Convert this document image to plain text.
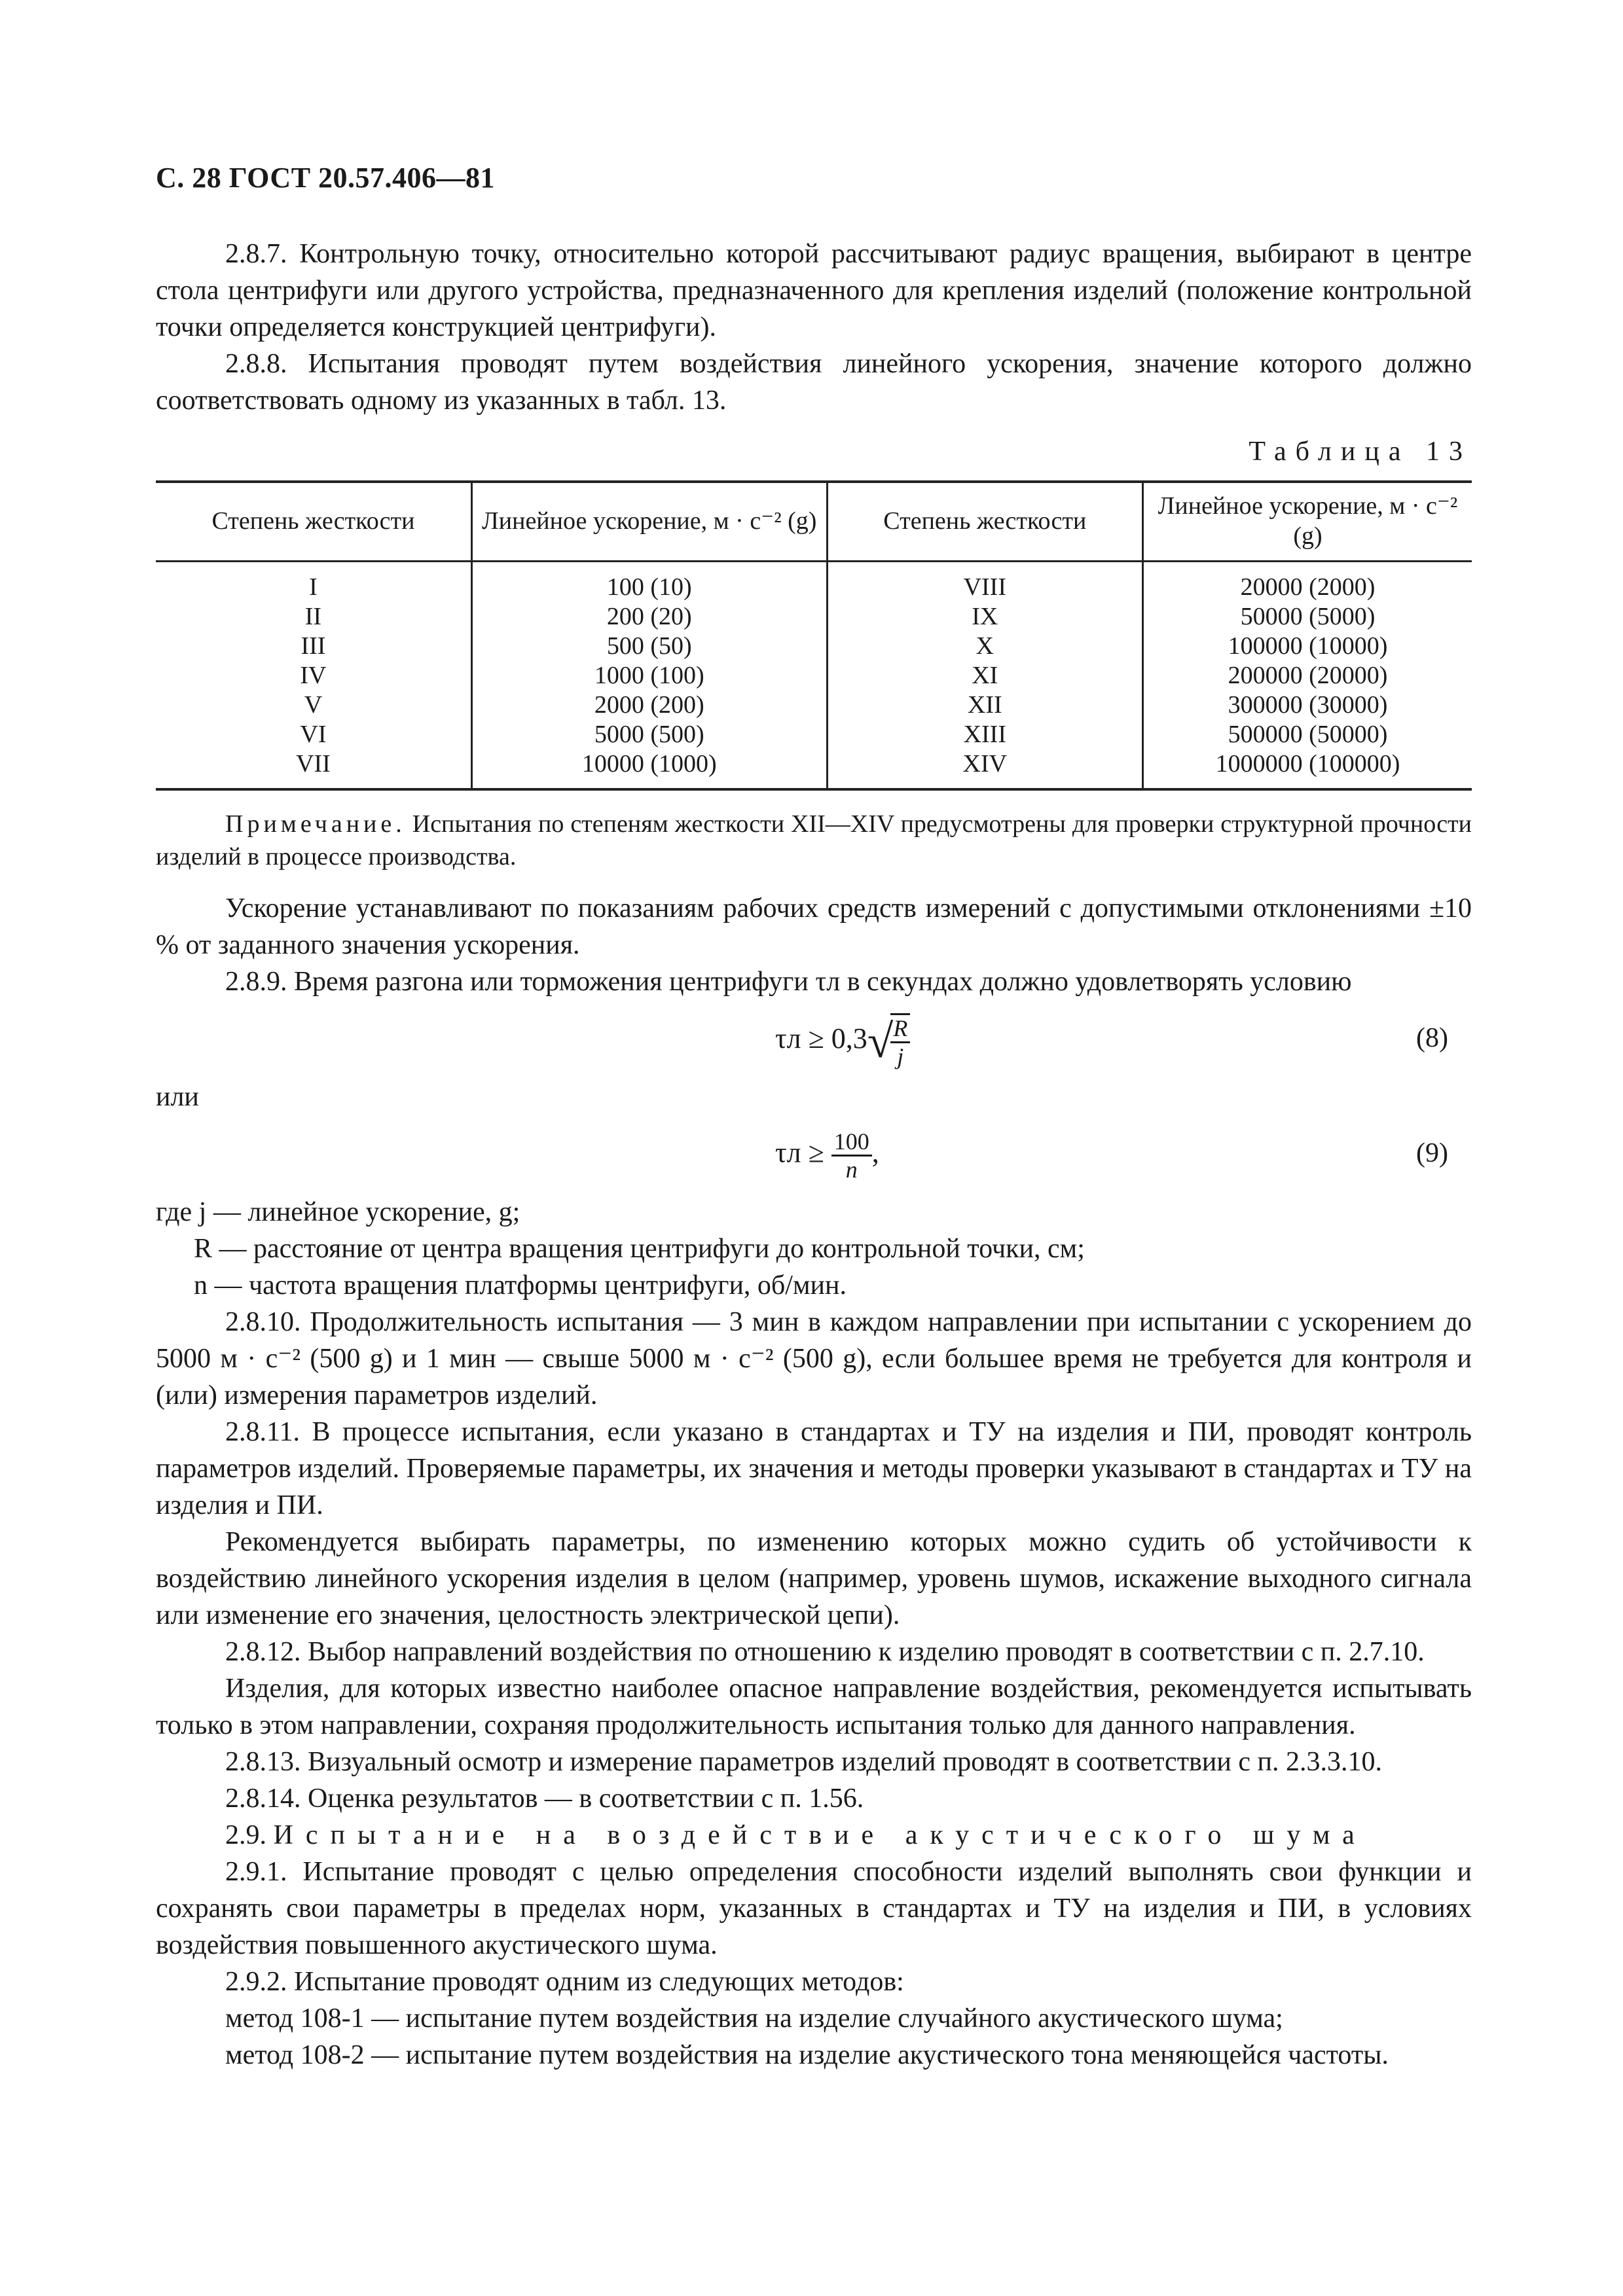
С. 28 ГОСТ 20.57.406—81

2.8.7. Контрольную точку, относительно которой рассчитывают радиус вращения, выбирают в центре стола центрифуги или другого устройства, предназначенного для крепления изделий (положение контрольной точки определяется конструкцией центрифуги).

2.8.8. Испытания проводят путем воздействия линейного ускорения, значение которого должно соответствовать одному из указанных в табл. 13.

Таблица 13
Степень жесткости	Линейное ускорение, м · с⁻² (g)	Степень жесткости	Линейное ускорение, м · с⁻² (g)
I	100 (10)	VIII	20000 (2000)
II	200 (20)	IX	50000 (5000)
III	500 (50)	X	100000 (10000)
IV	1000 (100)	XI	200000 (20000)
V	2000 (200)	XII	300000 (30000)
VI	5000 (500)	XIII	500000 (50000)
VII	10000 (1000)	XIV	1000000 (100000)

Примечание. Испытания по степеням жесткости XII—XIV предусмотрены для проверки структурной прочности изделий в процессе производства.

Ускорение устанавливают по показаниям рабочих средств измерений с допустимыми отклонениями ±10 % от заданного значения ускорения.

2.8.9. Время разгона или торможения центрифуги τл в секундах должно удовлетворять условию

τл ≥ 0,3√
$\frac{R}{j}$	(8)

или

$\tau л \ge \frac{100}{n}$ ,	(9)

где j — линейное ускорение, g;

R — расстояние от центра вращения центрифуги до контрольной точки, см;

n — частота вращения платформы центрифуги, об/мин.

2.8.10. Продолжительность испытания — 3 мин в каждом направлении при испытании с ускорением до 5000 м · с⁻² (500 g) и 1 мин — свыше 5000 м · с⁻² (500 g), если большее время не требуется для контроля и (или) измерения параметров изделий.

2.8.11. В процессе испытания, если указано в стандартах и ТУ на изделия и ПИ, проводят контроль параметров изделий. Проверяемые параметры, их значения и методы проверки указывают в стандартах и ТУ на изделия и ПИ.

Рекомендуется выбирать параметры, по изменению которых можно судить об устойчивости к воздействию линейного ускорения изделия в целом (например, уровень шумов, искажение выходного сигнала или изменение его значения, целостность электрической цепи).

2.8.12. Выбор направлений воздействия по отношению к изделию проводят в соответствии с п. 2.7.10.

Изделия, для которых известно наиболее опасное направление воздействия, рекомендуется испытывать только в этом направлении, сохраняя продолжительность испытания только для данного направления.

2.8.13. Визуальный осмотр и измерение параметров изделий проводят в соответствии с п. 2.3.3.10.

2.8.14. Оценка результатов — в соответствии с п. 1.56.

2.9. Испытание на воздействие акустического шума

2.9.1. Испытание проводят с целью определения способности изделий выполнять свои функции и сохранять свои параметры в пределах норм, указанных в стандартах и ТУ на изделия и ПИ, в условиях воздействия повышенного акустического шума.

2.9.2. Испытание проводят одним из следующих методов:

метод 108-1 — испытание путем воздействия на изделие случайного акустического шума;

метод 108-2 — испытание путем воздействия на изделие акустического тона меняющейся частоты.
